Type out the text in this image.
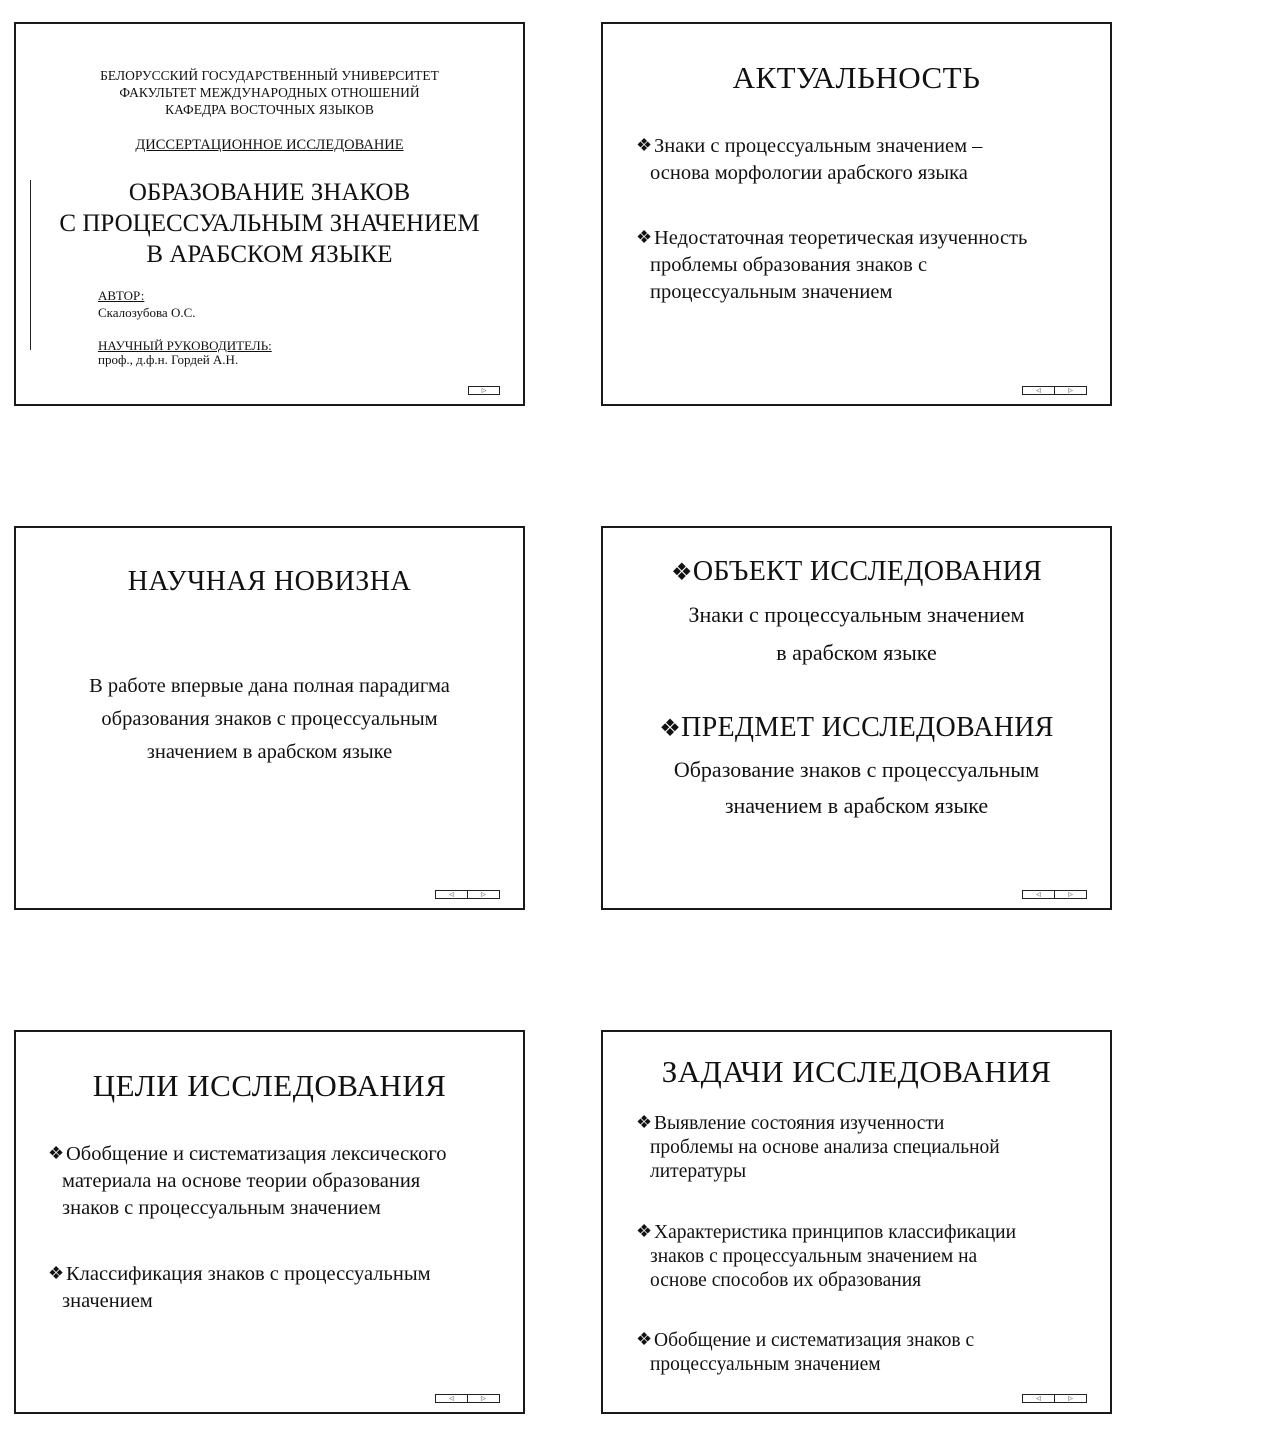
БЕЛОРУССКИЙ ГОСУДАРСТВЕННЫЙ УНИВЕРСИТЕТ
ФАКУЛЬТЕТ МЕЖДУНАРОДНЫХ ОТНОШЕНИЙ
КАФЕДРА ВОСТОЧНЫХ ЯЗЫКОВ
ДИССЕРТАЦИОННОЕ ИССЛЕДОВАНИЕ
ОБРАЗОВАНИЕ ЗНАКОВ
С ПРОЦЕССУАЛЬНЫМ ЗНАЧЕНИЕМ
В АРАБСКОМ ЯЗЫКЕ
АВТОР:
Скалозубова О.С.
НАУЧНЫЙ РУКОВОДИТЕЛЬ:
проф., д.ф.н. Гордей А.Н.
▷
АКТУАЛЬНОСТЬ
❖ Знаки с процессуальным значением –
основа морфологии арабского языка
❖ Недостаточная теоретическая изученность
проблемы образования знаков с
процессуальным значением
◁	▷
НАУЧНАЯ НОВИЗНА
В работе впервые дана полная парадигма
образования знаков с процессуальным
значением в арабском языке
◁	▷
❖ОБЪЕКТ ИССЛЕДОВАНИЯ
Знаки с процессуальным значением
в арабском языке
❖ПРЕДМЕТ ИССЛЕДОВАНИЯ
Образование знаков с процессуальным
значением в арабском языке
◁	▷
ЦЕЛИ ИССЛЕДОВАНИЯ
❖ Обобщение и систематизация лексического
материала на основе теории образования
знаков с процессуальным значением
❖ Классификация знаков с процессуальным
значением
◁	▷
ЗАДАЧИ ИССЛЕДОВАНИЯ
❖ Выявление состояния изученности
проблемы на основе анализа специальной
литературы
❖ Характеристика принципов классификации
знаков с процессуальным значением на
основе способов их образования
❖ Обобщение и систематизация знаков с
процессуальным значением
◁	▷
